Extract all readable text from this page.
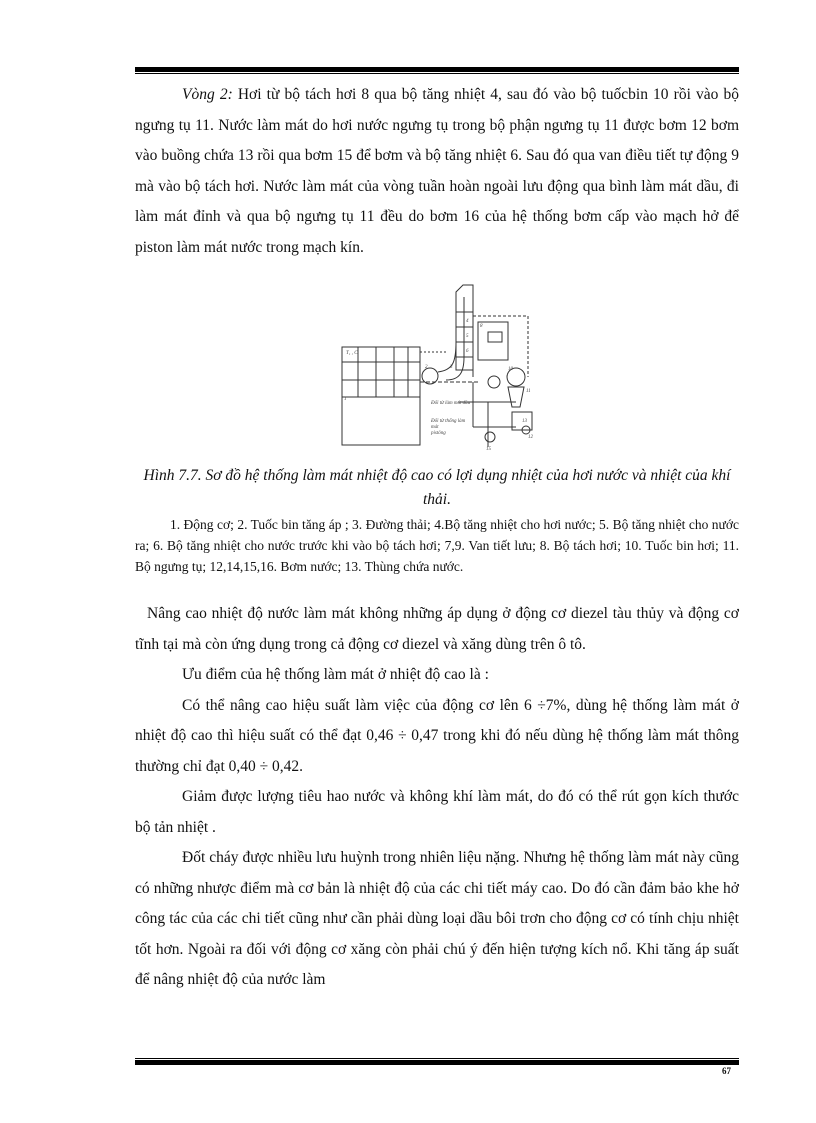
Vòng 2: Hơi từ bộ tách hơi 8 qua bộ tăng nhiệt 4, sau đó vào bộ tuốcbin 10 rồi vào bộ ngưng tụ 11. Nước làm mát do hơi nước ngưng tụ trong bộ phận ngưng tụ 11 được bơm 12 bơm vào buồng chứa 13 rồi qua bơm 15 để bơm và bộ tăng nhiệt 6. Sau đó qua van điều tiết tự động 9 mà vào bộ tách hơi. Nước làm mát của vòng tuần hoàn ngoài lưu động qua bình làm mát dầu, đi làm mát đỉnh và qua bộ ngưng tụ 11 đều do bơm 16 của hệ thống bơm cấp vào mạch hở để piston làm mát nước trong mạch kín.

T₁ , C
2	3
4
5
6
8
10
11
Đổi từ làm mát dầu
Đổi từ thống làm
mát
pistông
13
15
12
1
Hình 7.7. Sơ đồ hệ thống làm mát nhiệt độ cao có lợi dụng nhiệt của hơi nước và nhiệt của khí thải.

1. Động cơ; 2. Tuốc bin tăng áp ; 3. Đường thải; 4.Bộ tăng nhiệt cho hơi nước; 5. Bộ tăng nhiệt cho nước ra; 6. Bộ tăng nhiệt cho nước trước khi vào bộ tách hơi; 7,9. Van tiết lưu; 8. Bộ tách hơi; 10. Tuốc bin hơi; 11. Bộ ngưng tụ; 12,14,15,16. Bơm nước; 13. Thùng chứa nước.

Nâng cao nhiệt độ nước làm mát không những áp dụng ở động cơ diezel tàu thủy và động cơ tĩnh tại mà còn ứng dụng trong cả động cơ diezel và xăng dùng trên ô tô.

Ưu điểm của hệ thống làm mát ở nhiệt độ cao là :

Có thể nâng cao hiệu suất làm việc của động cơ lên 6 ÷7%, dùng hệ thống làm mát ở nhiệt độ cao thì hiệu suất có thể đạt 0,46 ÷ 0,47 trong khi đó nếu dùng hệ thống làm mát thông thường chỉ đạt 0,40 ÷ 0,42.

Giảm được lượng tiêu hao nước và không khí làm mát, do đó có thể rút gọn kích thước bộ tản nhiệt .

Đốt cháy được nhiều lưu huỳnh trong nhiên liệu nặng. Nhưng hệ thống làm mát này cũng có những nhược điểm mà cơ bản là nhiệt độ của các chi tiết máy cao. Do đó cần đảm bảo khe hở công tác của các chi tiết cũng như cần phải dùng loại dầu bôi trơn cho động cơ có tính chịu nhiệt tốt hơn. Ngoài ra đối với động cơ xăng còn phải chú ý đến hiện tượng kích nổ. Khi tăng áp suất để nâng nhiệt độ của nước làm

67
